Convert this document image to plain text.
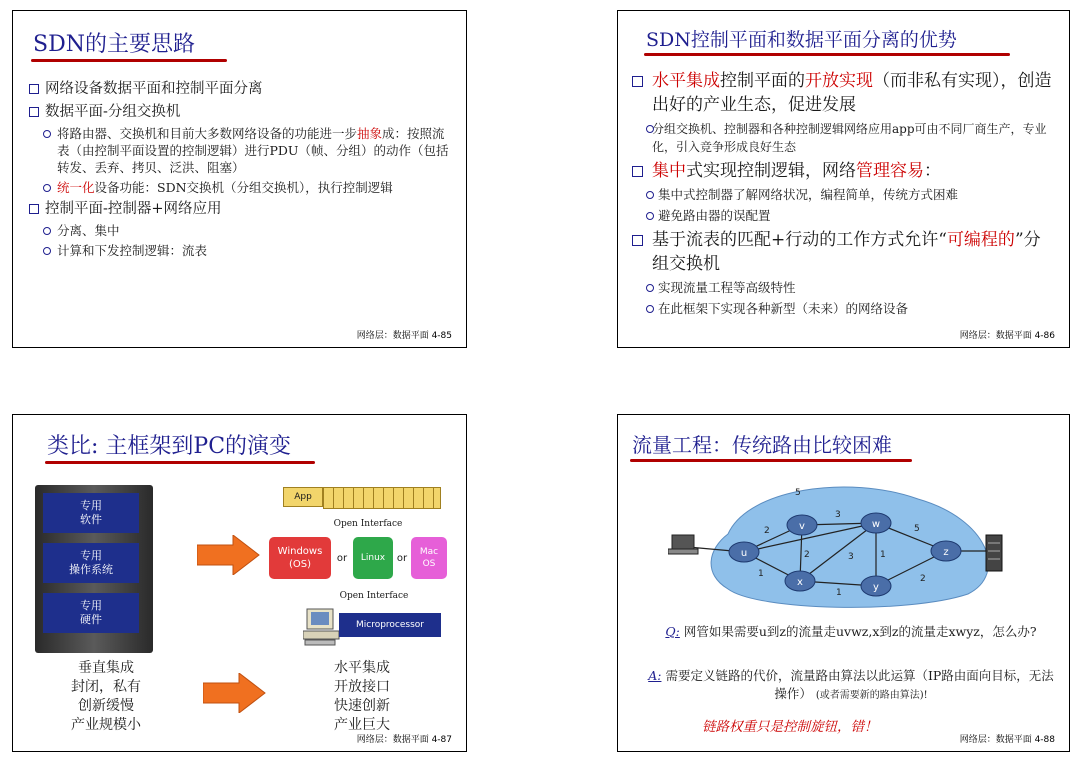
SDN的主要思路
网络设备数据平面和控制平面分离
数据平面-分组交换机
将路由器、交换机和目前大多数网络设备的功能进一步抽象成：按照流表（由控制平面设置的控制逻辑）进行PDU（帧、分组）的动作（包括转发、丢弃、拷贝、泛洪、阻塞）
统一化设备功能：SDN交换机（分组交换机），执行控制逻辑
控制平面-控制器+网络应用
分离、集中
计算和下发控制逻辑：流表
网络层：数据平面 4-85
SDN控制平面和数据平面分离的优势
水平集成控制平面的开放实现（而非私有实现），创造出好的产业生态，促进发展
分组交换机、控制器和各种控制逻辑网络应用app可由不同厂商生产，专业化，引入竞争形成良好生态
集中式实现控制逻辑，网络管理容易：
集中式控制器了解网络状况，编程简单，传统方式困难
避免路由器的误配置
基于流表的匹配+行动的工作方式允许“可编程的”分组交换机
实现流量工程等高级特性
在此框架下实现各种新型（未来）的网络设备
网络层：数据平面 4-86
类比: 主框架到PC的演变
专用
软件
专用
操作系统
专用
硬件
App
Open Interface
Windows
(OS)
or	Linux	or
Mac
OS
Open Interface
Microprocessor
垂直集成
封闭，私有
创新缓慢
产业规模小
水平集成
开放接口
快速创新
产业巨大
网络层：数据平面 4-87
流量工程：传统路由比较困难
2
3
5
5
2
1
3	1
1
2
u
v	w
x	y
z
Q: 网管如果需要u到z的流量走uvwz,x到z的流量走xwyz，怎么办?
A: 需要定义链路的代价，流量路由算法以此运算（IP路由面向目标，无法操作） (或者需要新的路由算法)!
链路权重只是控制旋钮，错！
网络层：数据平面 4-88
